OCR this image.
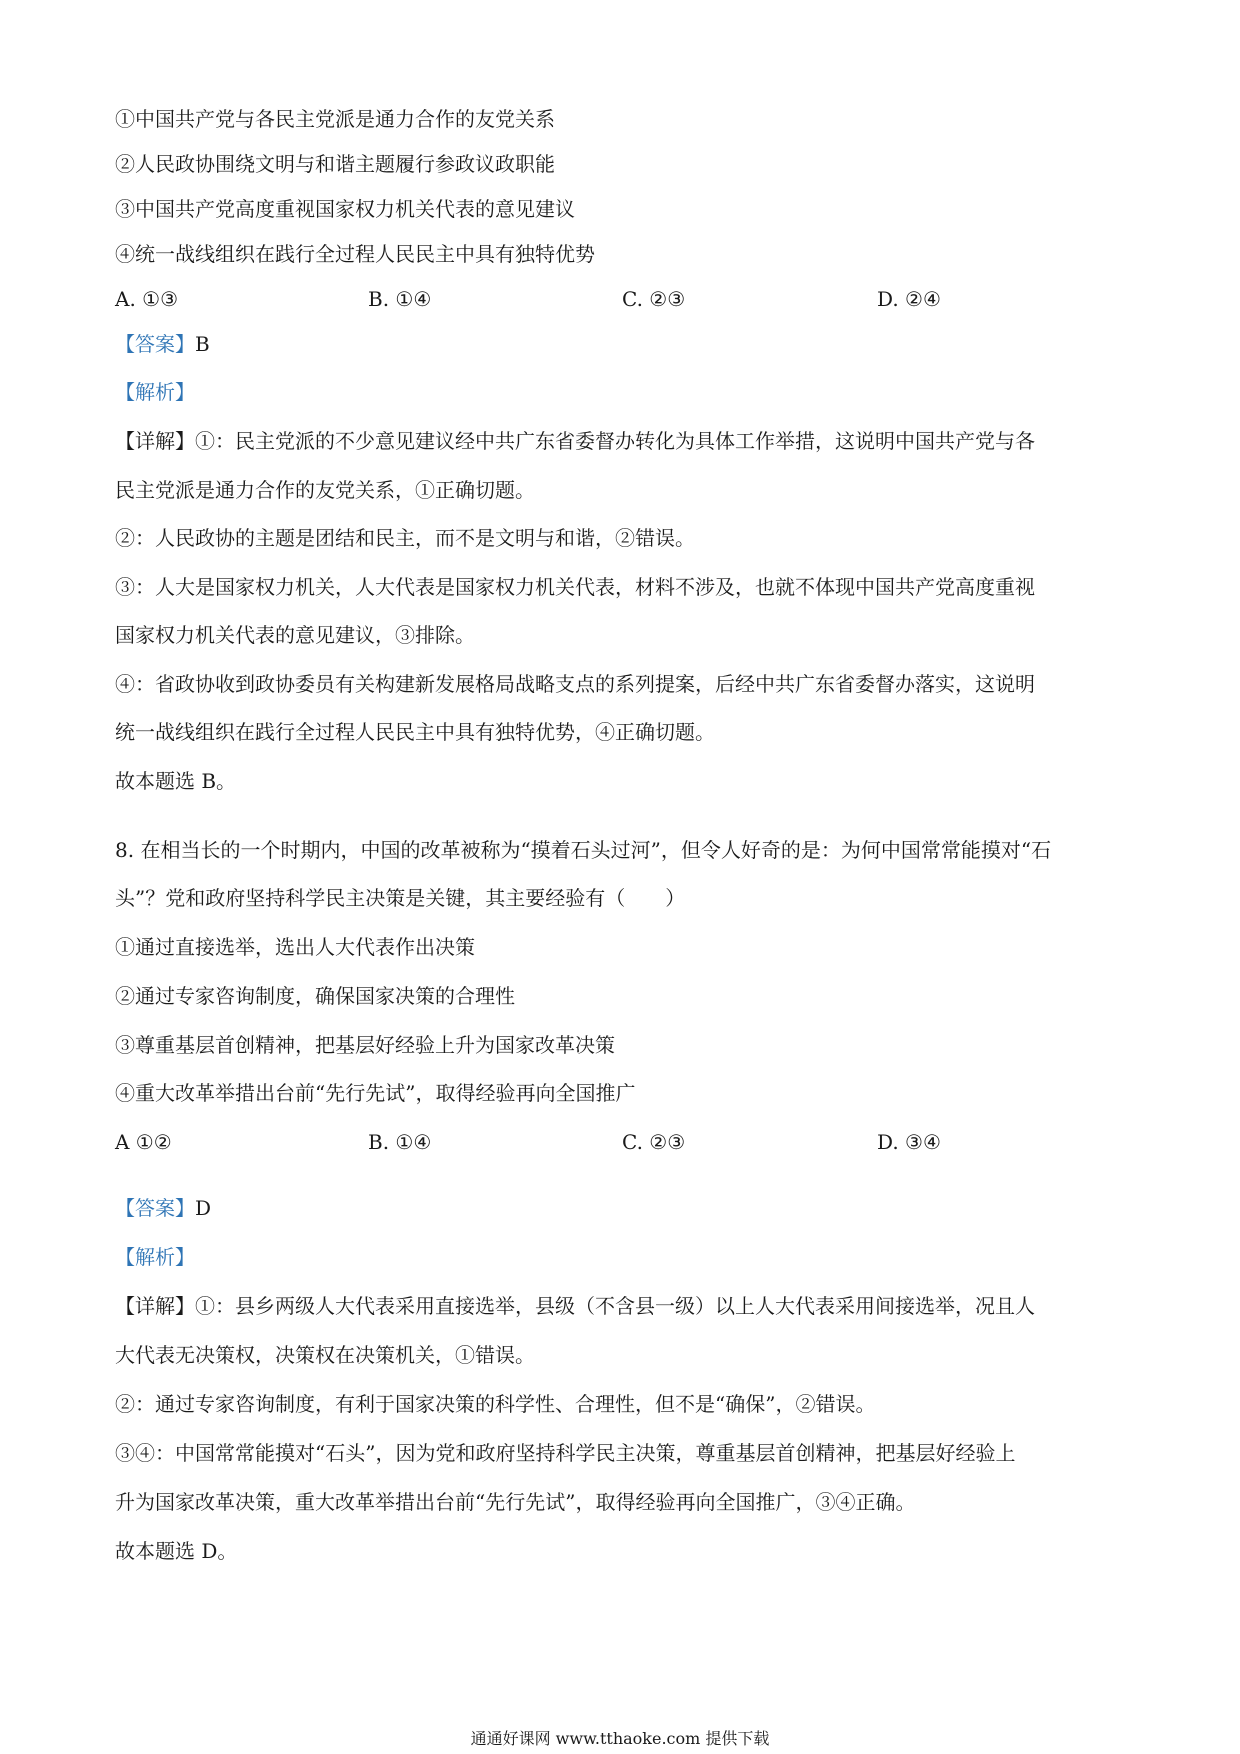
①中国共产党与各民主党派是通力合作的友党关系
②人民政协围绕文明与和谐主题履行参政议政职能
③中国共产党高度重视国家权力机关代表的意见建议
④统一战线组织在践行全过程人民民主中具有独特优势
A. ①③	B. ①④	C. ②③	D. ②④
【答案】B
【解析】
【详解】①：民主党派的不少意见建议经中共广东省委督办转化为具体工作举措，这说明中国共产党与各
民主党派是通力合作的友党关系，①正确切题。
②：人民政协的主题是团结和民主，而不是文明与和谐，②错误。
③：人大是国家权力机关，人大代表是国家权力机关代表，材料不涉及，也就不体现中国共产党高度重视
国家权力机关代表的意见建议，③排除。
④：省政协收到政协委员有关构建新发展格局战略支点的系列提案，后经中共广东省委督办落实，这说明
统一战线组织在践行全过程人民民主中具有独特优势，④正确切题。
故本题选 B。
8. 在相当长的一个时期内，中国的改革被称为“摸着石头过河”，但令人好奇的是：为何中国常常能摸对“石
头”？党和政府坚持科学民主决策是关键，其主要经验有（　　）
①通过直接选举，选出人大代表作出决策
②通过专家咨询制度，确保国家决策的合理性
③尊重基层首创精神，把基层好经验上升为国家改革决策
④重大改革举措出台前“先行先试”，取得经验再向全国推广
A ①②	B. ①④	C. ②③	D. ③④
【答案】D
【解析】
【详解】①：县乡两级人大代表采用直接选举，县级（不含县一级）以上人大代表采用间接选举，况且人
大代表无决策权，决策权在决策机关，①错误。
②：通过专家咨询制度，有利于国家决策的科学性、合理性，但不是“确保”，②错误。
③④：中国常常能摸对“石头”，因为党和政府坚持科学民主决策，尊重基层首创精神，把基层好经验上
升为国家改革决策，重大改革举措出台前“先行先试”，取得经验再向全国推广，③④正确。
故本题选 D。
通通好课网 www.tthaoke.com 提供下载
